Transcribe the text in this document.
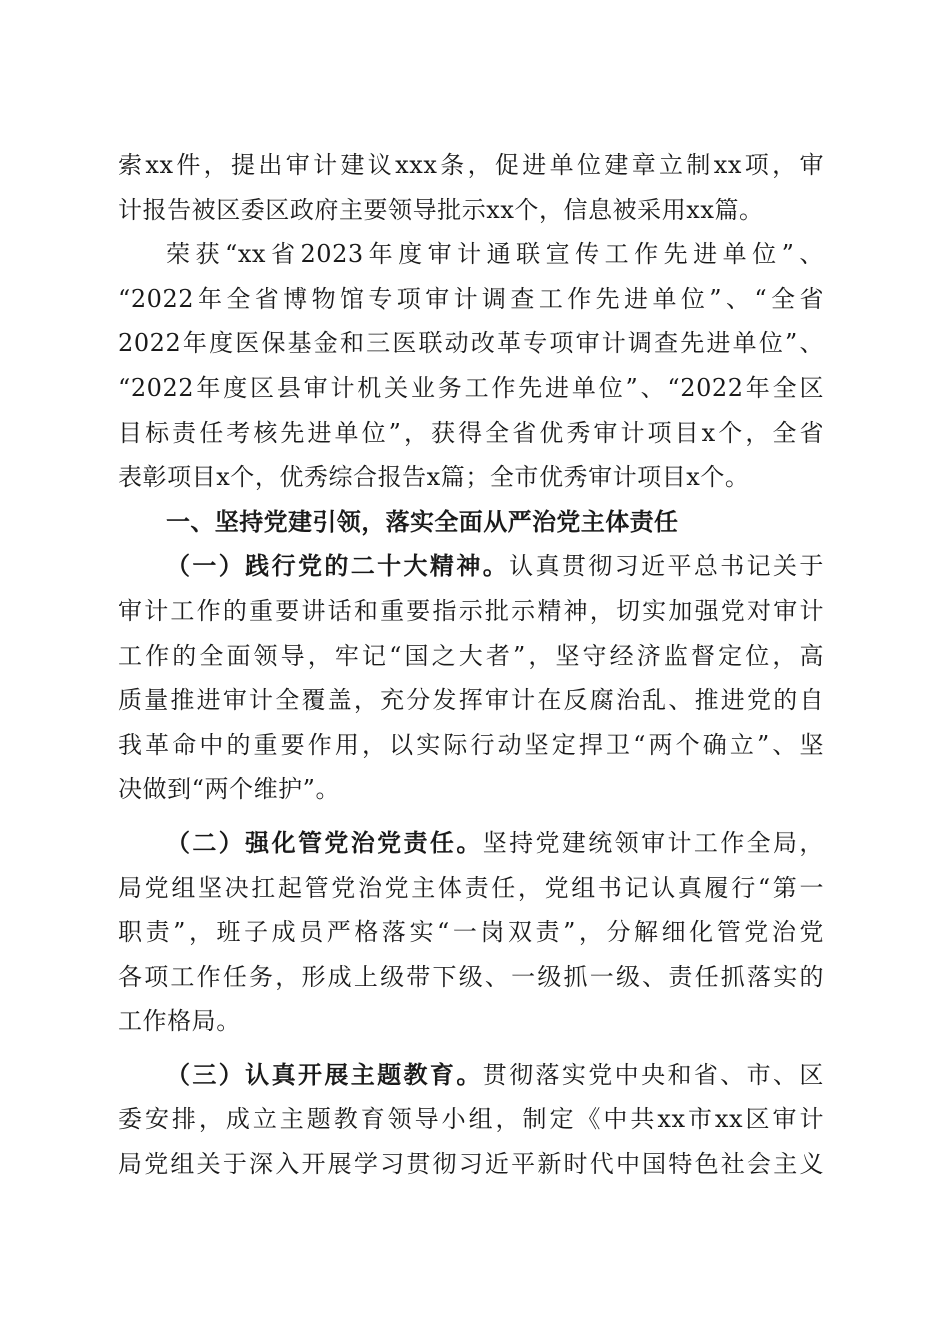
索xx件，提出审计建议xxx条，促进单位建章立制xx项，审
计报告被区委区政府主要领导批示xx个，信息被采用xx篇。
荣获“xx省2023年度审计通联宣传工作先进单位”、
“2022年全省博物馆专项审计调查工作先进单位”、“全省
2022年度医保基金和三医联动改革专项审计调查先进单位”、
“2022年度区县审计机关业务工作先进单位”、“2022年全区
目标责任考核先进单位”，获得全省优秀审计项目x个，全省
表彰项目x个，优秀综合报告x篇；全市优秀审计项目x个。
一、坚持党建引领，落实全面从严治党主体责任
（一）践行党的二十大精神。认真贯彻习近平总书记关于
审计工作的重要讲话和重要指示批示精神，切实加强党对审计
工作的全面领导，牢记“国之大者”，坚守经济监督定位，高
质量推进审计全覆盖，充分发挥审计在反腐治乱、推进党的自
我革命中的重要作用，以实际行动坚定捍卫“两个确立”、坚
决做到“两个维护”。
（二）强化管党治党责任。坚持党建统领审计工作全局，
局党组坚决扛起管党治党主体责任，党组书记认真履行“第一
职责”，班子成员严格落实“一岗双责”，分解细化管党治党
各项工作任务，形成上级带下级、一级抓一级、责任抓落实的
工作格局。
（三）认真开展主题教育。贯彻落实党中央和省、市、区
委安排，成立主题教育领导小组，制定《中共xx市xx区审计
局党组关于深入开展学习贯彻习近平新时代中国特色社会主义
